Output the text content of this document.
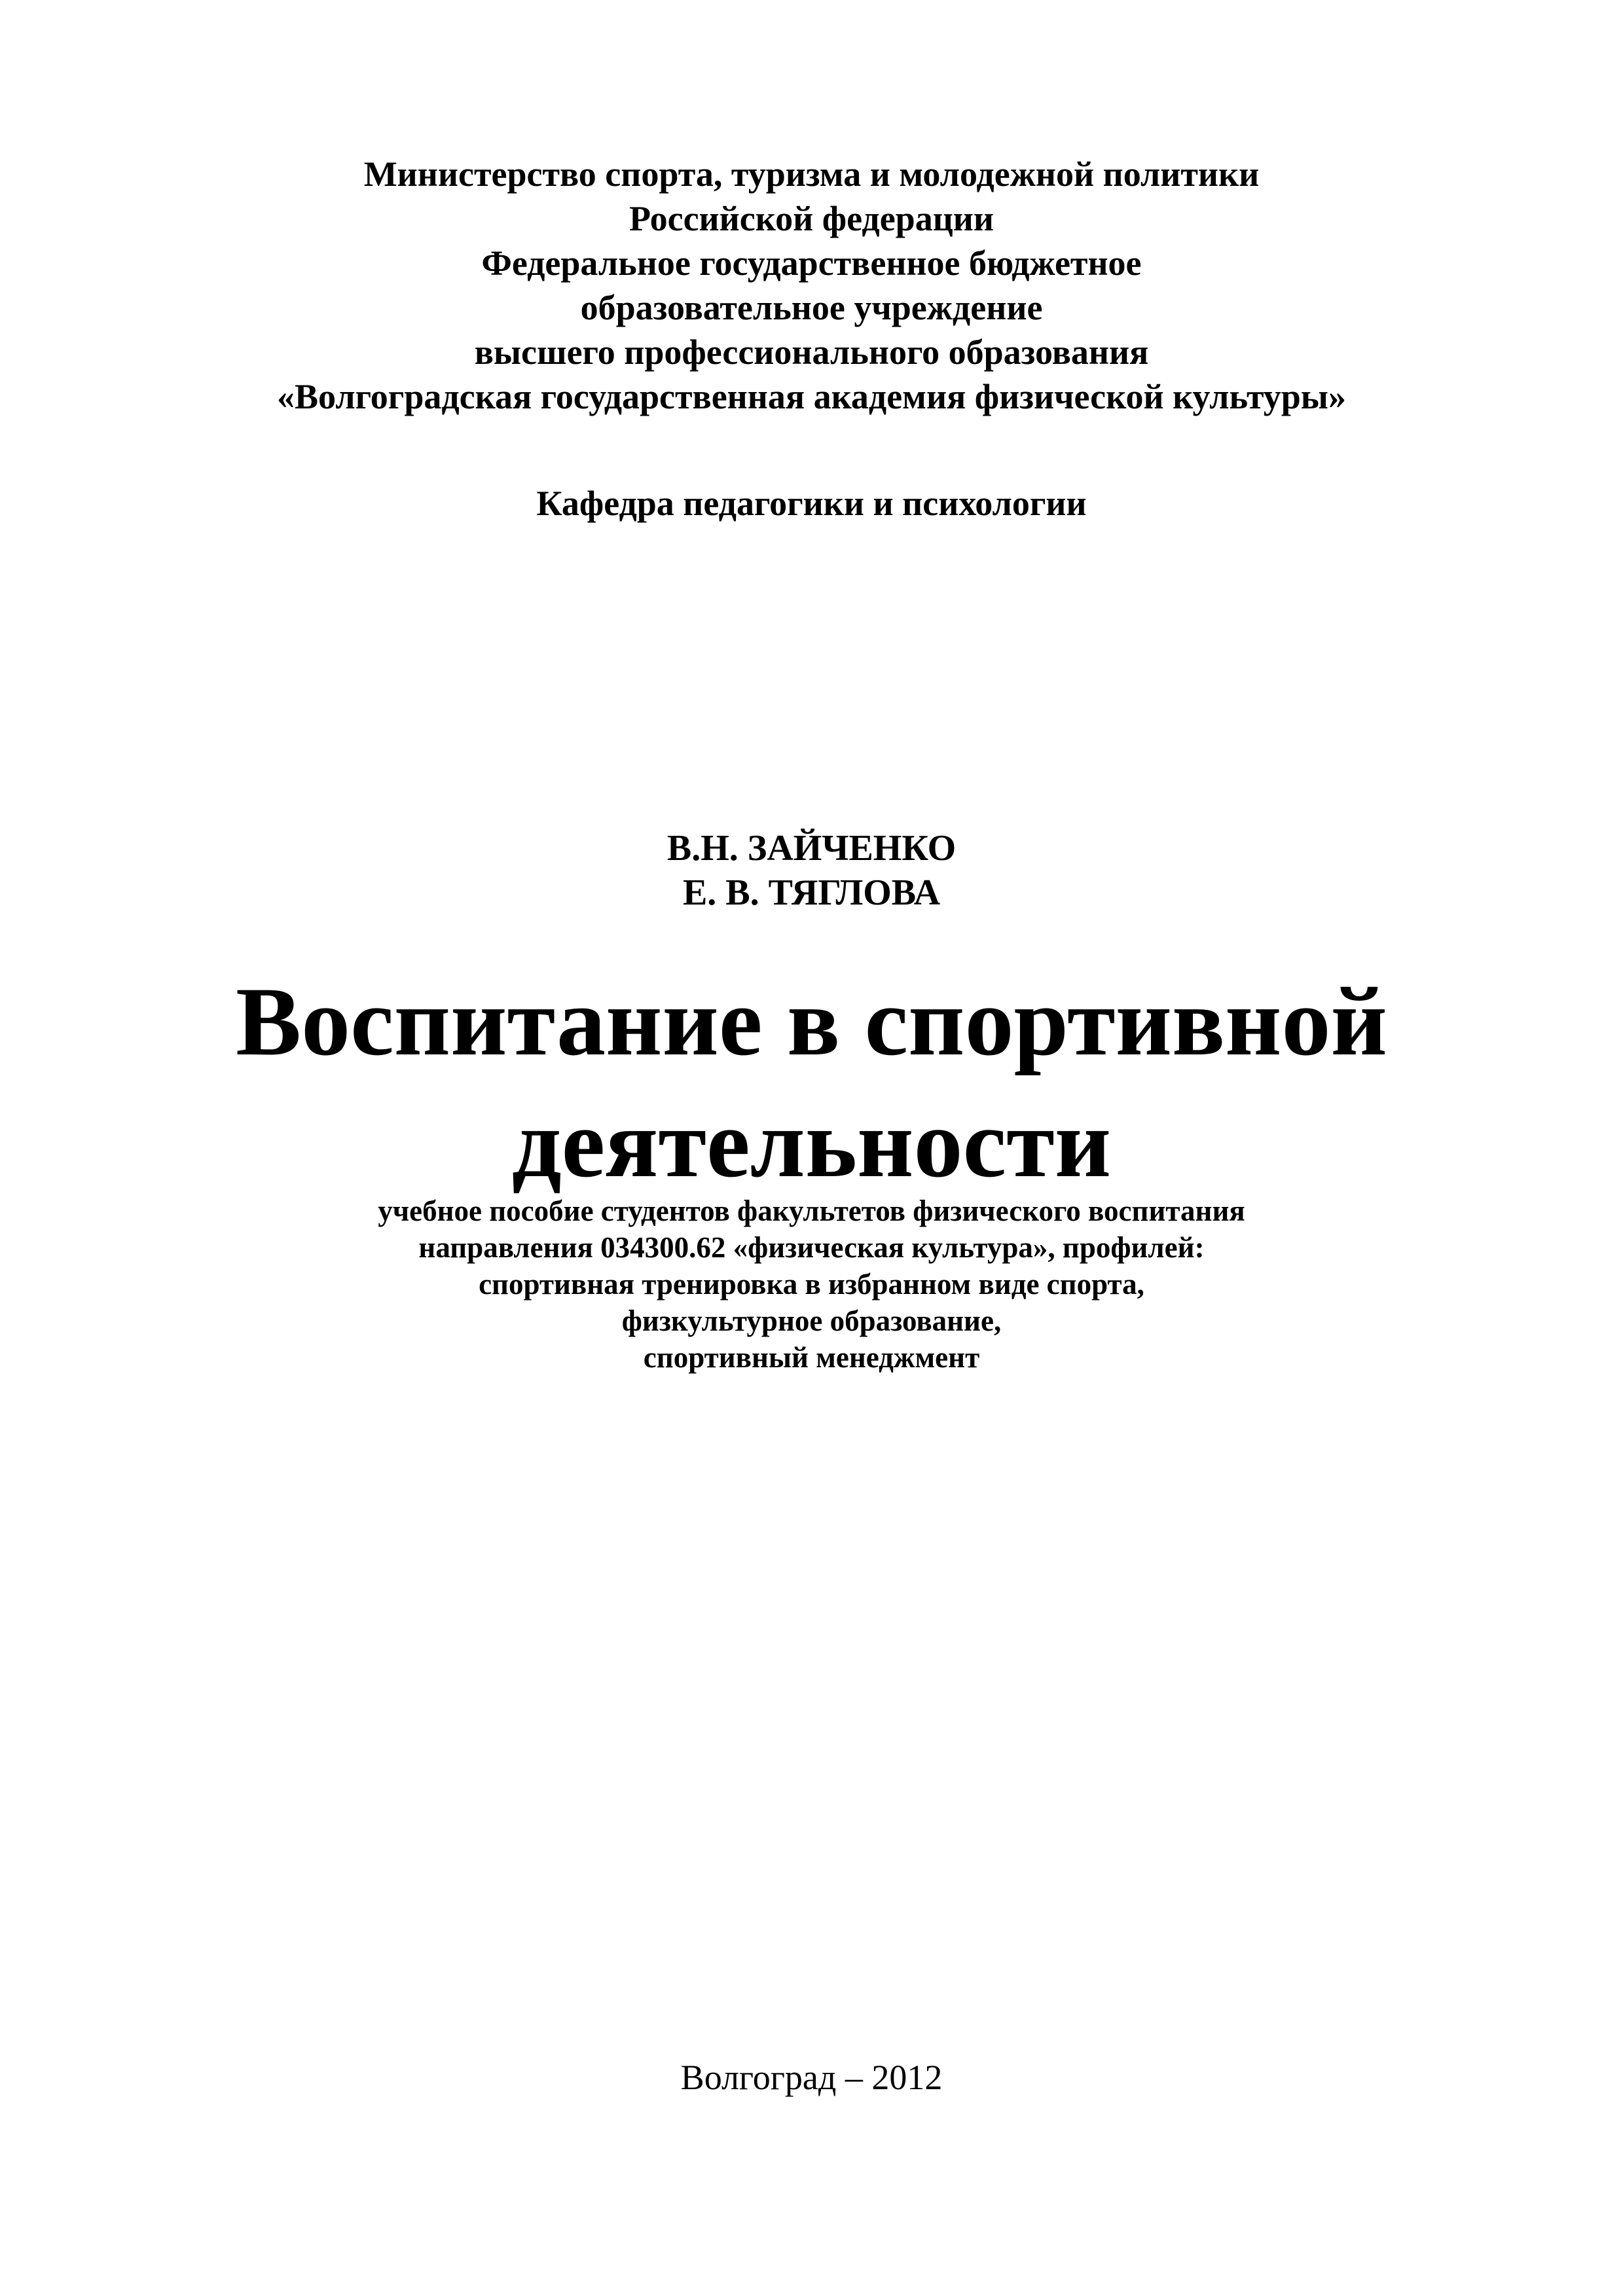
Министерство спорта, туризма и молодежной политики
Российской федерации
Федеральное государственное бюджетное
образовательное учреждение
высшего профессионального образования
«Волгоградская государственная академия физической культуры»
Кафедра педагогики и психологии
В.Н. ЗАЙЧЕНКО
Е. В. ТЯГЛОВА
Воспитание в спортивной
деятельности
учебное пособие студентов факультетов физического воспитания
направления 034300.62 «физическая культура», профилей:
спортивная тренировка в избранном виде спорта,
физкультурное образование,
спортивный менеджмент
Волгоград – 2012
